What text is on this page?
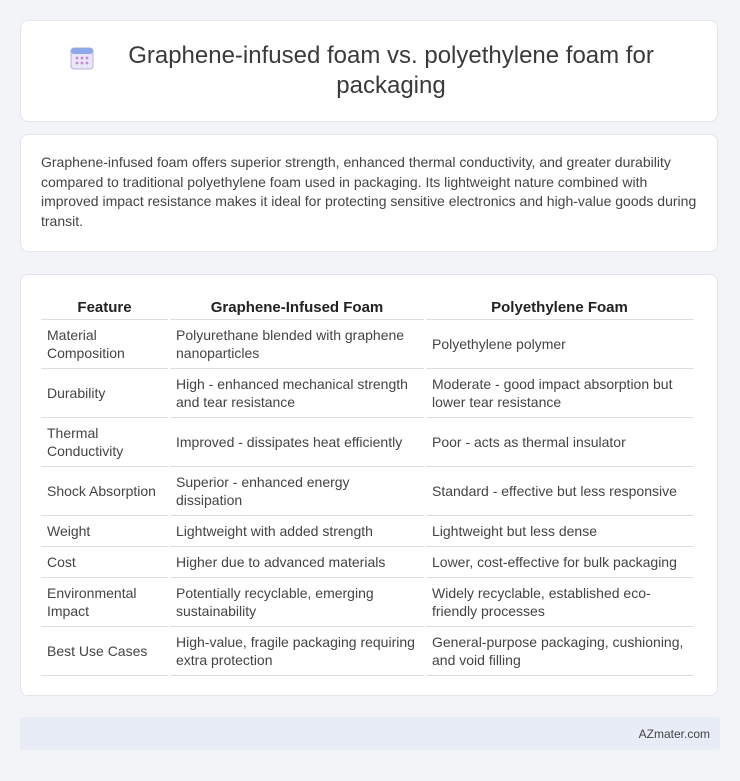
Graphene-infused foam vs. polyethylene foam for packaging

Graphene-infused foam offers superior strength, enhanced thermal conductivity, and greater durability compared to traditional polyethylene foam used in packaging. Its lightweight nature combined with improved impact resistance makes it ideal for protecting sensitive electronics and high-value goods during transit.

Feature	Graphene-Infused Foam	Polyethylene Foam
Material Composition	Polyurethane blended with graphene nanoparticles	Polyethylene polymer
Durability	High - enhanced mechanical strength and tear resistance	Moderate - good impact absorption but lower tear resistance
Thermal Conductivity	Improved - dissipates heat efficiently	Poor - acts as thermal insulator
Shock Absorption	Superior - enhanced energy dissipation	Standard - effective but less responsive
Weight	Lightweight with added strength	Lightweight but less dense
Cost	Higher due to advanced materials	Lower, cost-effective for bulk packaging
Environmental Impact	Potentially recyclable, emerging sustainability	Widely recyclable, established eco-friendly processes
Best Use Cases	High-value, fragile packaging requiring extra protection	General-purpose packaging, cushioning, and void filling
AZmater.com
